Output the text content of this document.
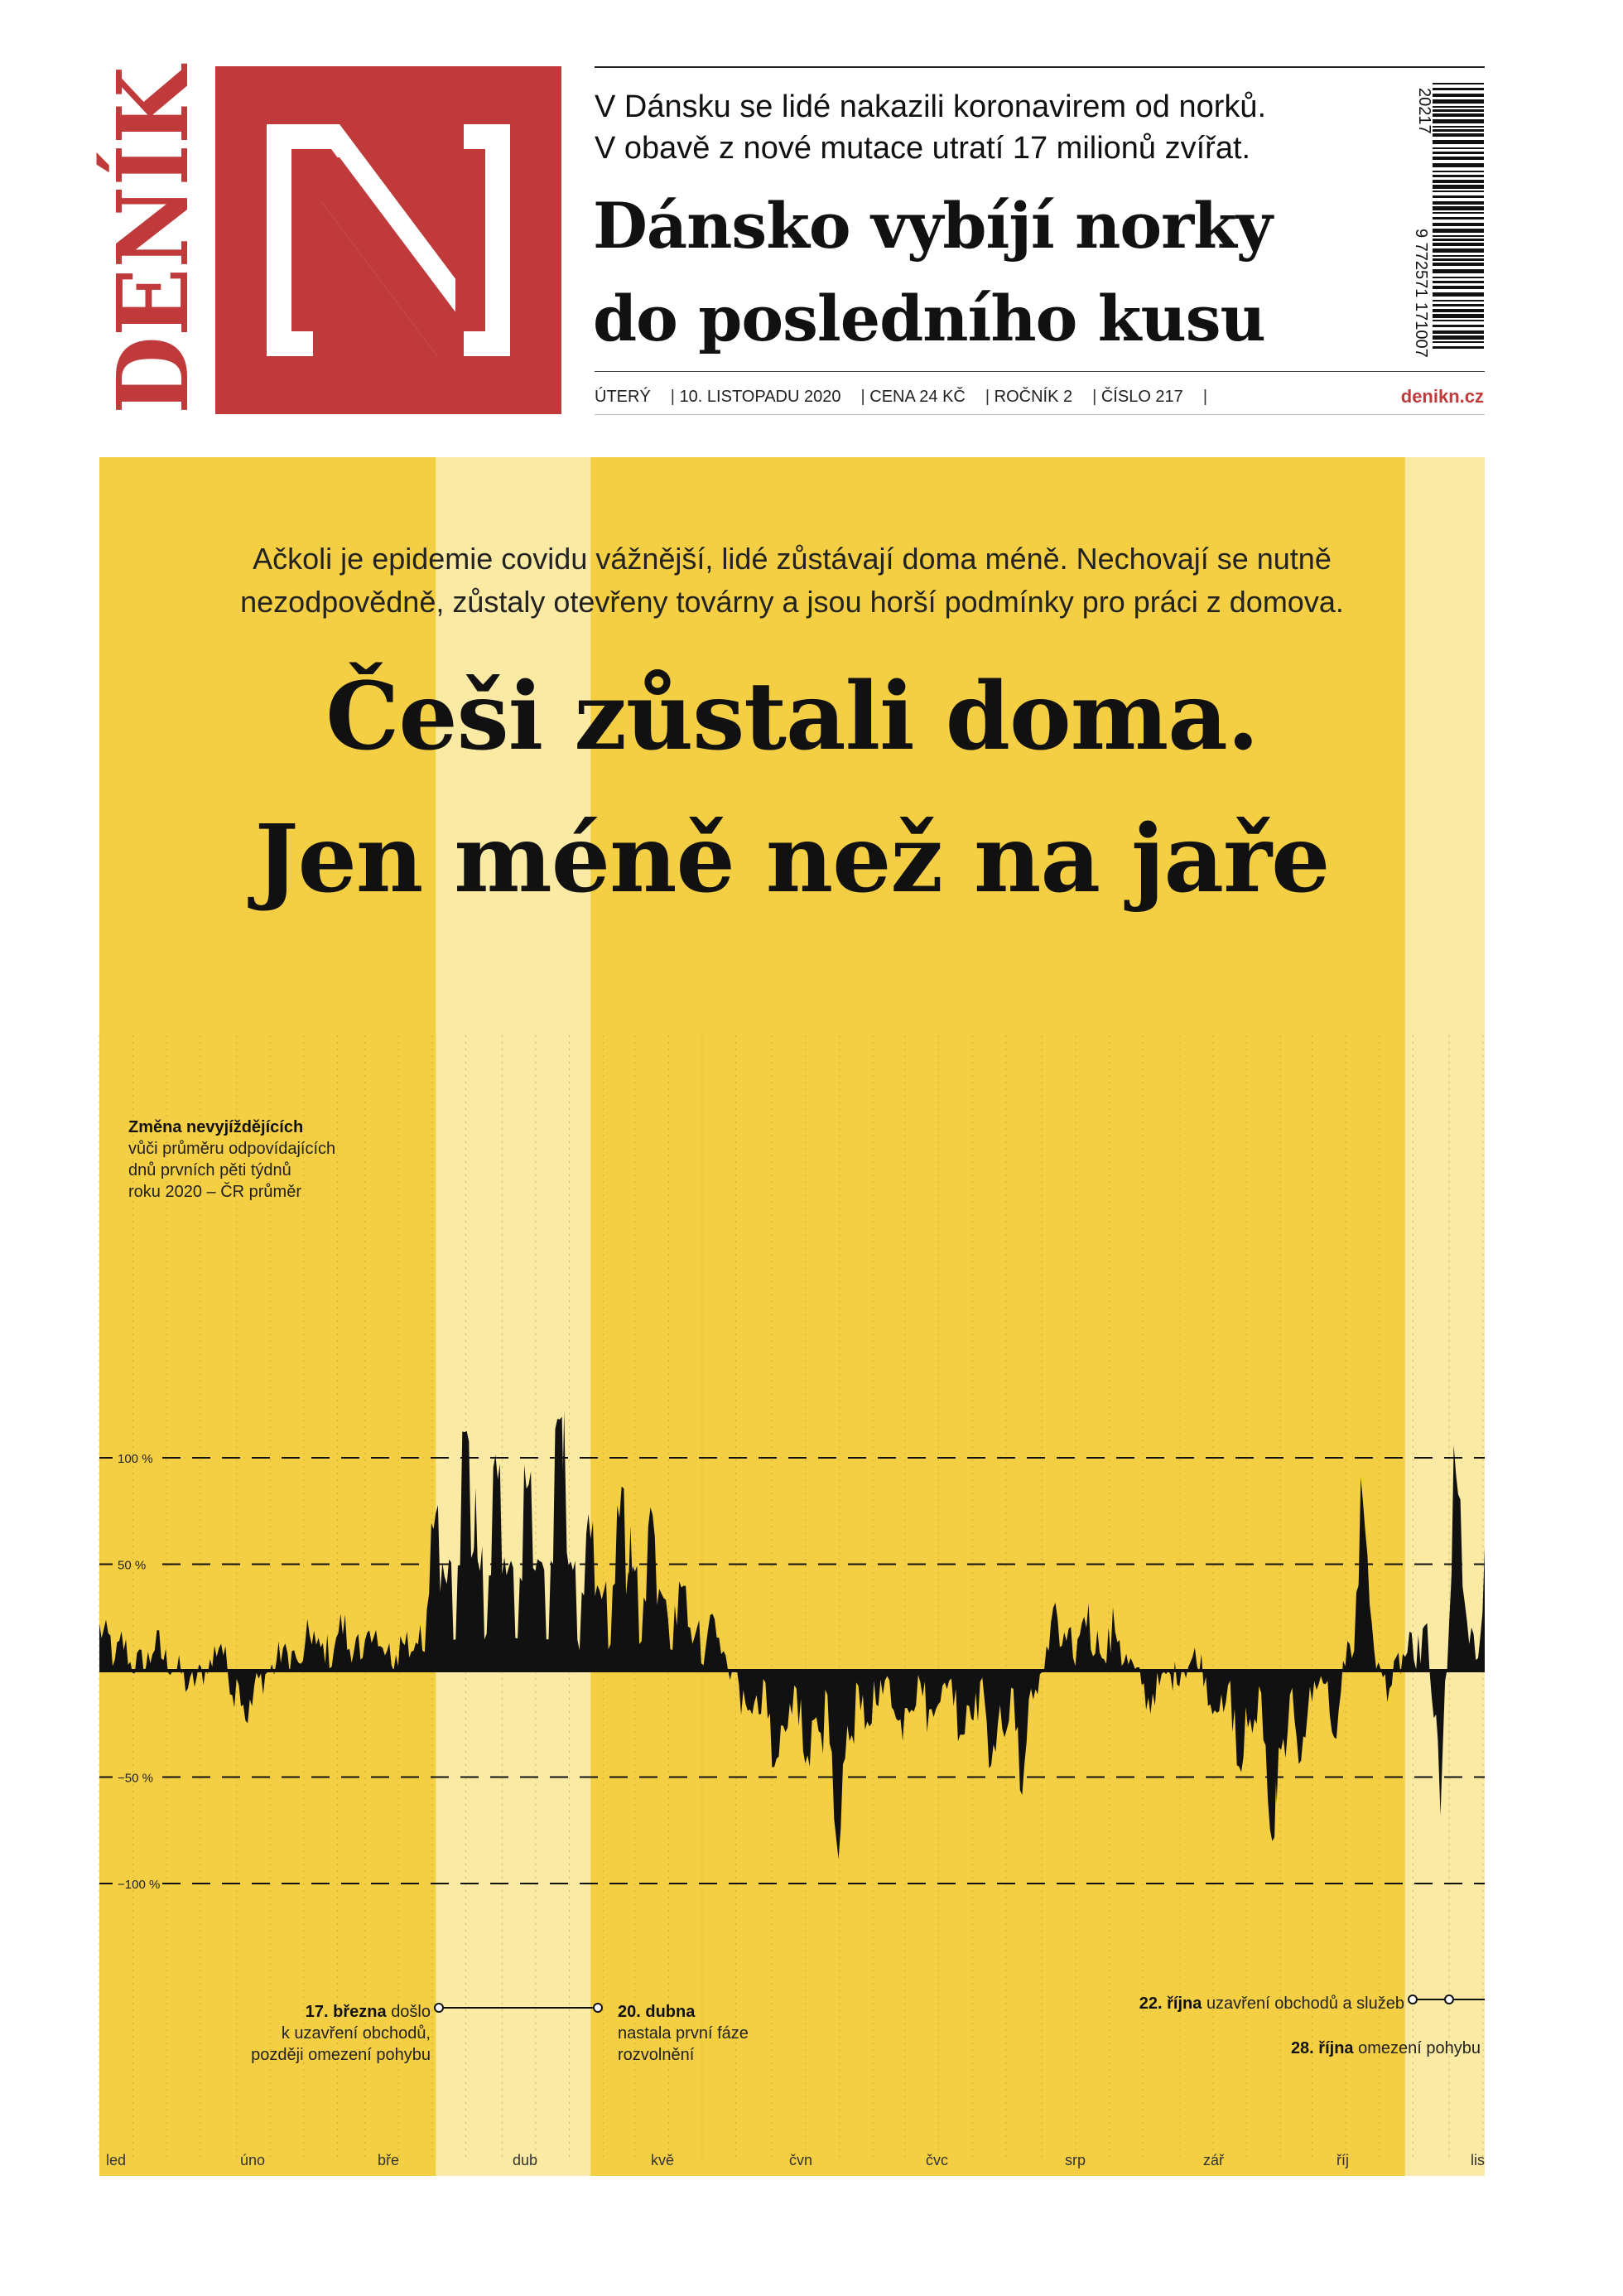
DENÍK	V Dánsku se lidé nakazili koronavirem od norků.
V obavě z nové mutace utratí 17 milionů zvířat.
Dánsko vybíjí norky
do posledního kusu
20217
9 772571 171007
ÚTERÝ | 10. LISTOPADU 2020 | CENA 24 KČ | ROČNÍK 2 | ČÍSLO 217 |	denikn.cz
100 %
50 %
−50 %
−100 %
led	úno	bře	dub	kvě	čvn	čvc	srp	zář	říj	lis
Ačkoli je epidemie covidu vážnější, lidé zůstávají doma méně. Nechovají se nutně
nezodpovědně, zůstaly otevřeny továrny a jsou horší podmínky pro práci z domova.
Češi zůstali doma.
Jen méně než na jaře
Změna nevyjíždějících
vůči průměru odpovídajících
dnů prvních pěti týdnů
roku 2020 – ČR průměr
17. března došlo
k uzavření obchodů,
později omezení pohybu
20. dubna
nastala první fáze
rozvolnění
22. října uzavření obchodů a služeb
28. října omezení pohybu
